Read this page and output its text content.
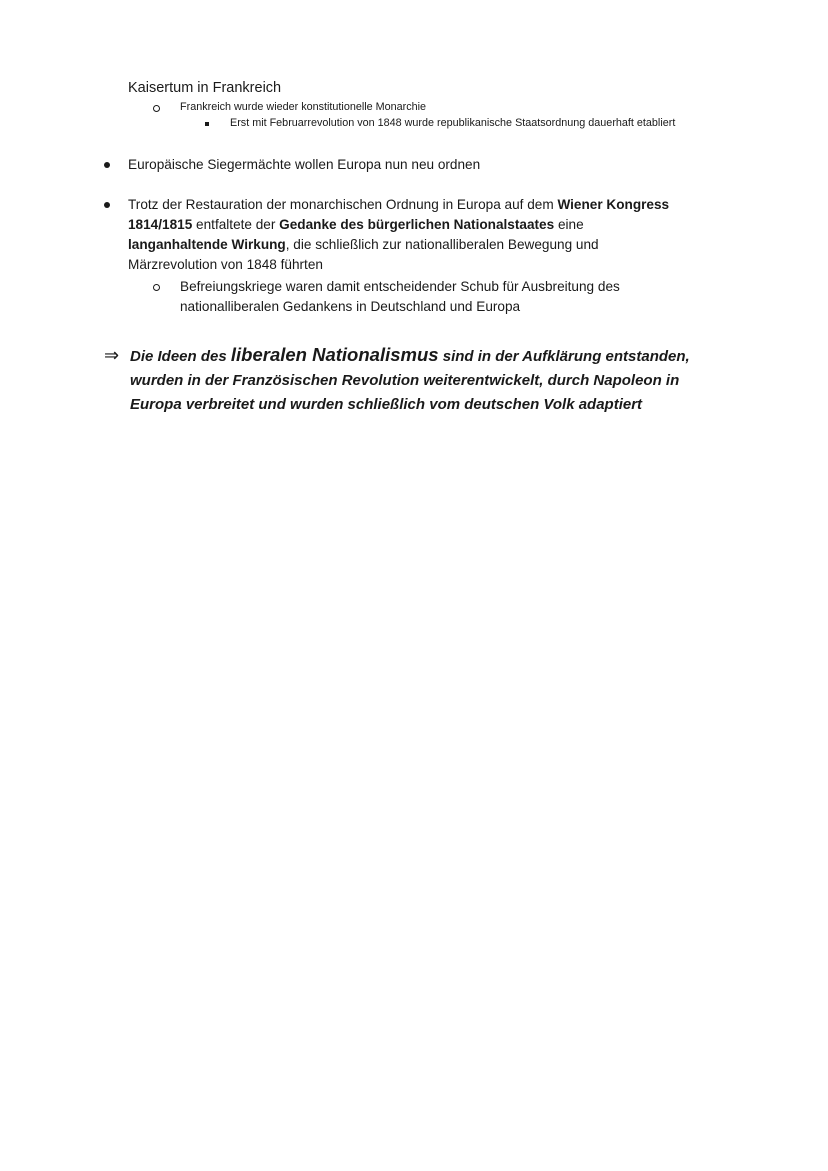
Kaisertum in Frankreich
Frankreich wurde wieder konstitutionelle Monarchie
Erst mit Februarrevolution von 1848 wurde republikanische Staatsordnung dauerhaft etabliert
Europäische Siegermächte wollen Europa nun neu ordnen

Trotz der Restauration der monarchischen Ordnung in Europa auf dem Wiener Kongress

1814/1815 entfaltete der Gedanke des bürgerlichen Nationalstaates eine

langanhaltende Wirkung, die schließlich zur nationalliberalen Bewegung und

Märzrevolution von 1848 führten

Befreiungskriege waren damit entscheidender Schub für Ausbreitung des

nationalliberalen Gedankens in Deutschland und Europa

⇒ Die Ideen des liberalen Nationalismus sind in der Aufklärung entstanden,

wurden in der Französischen Revolution weiterentwickelt, durch Napoleon in

Europa verbreitet und wurden schließlich vom deutschen Volk adaptiert
